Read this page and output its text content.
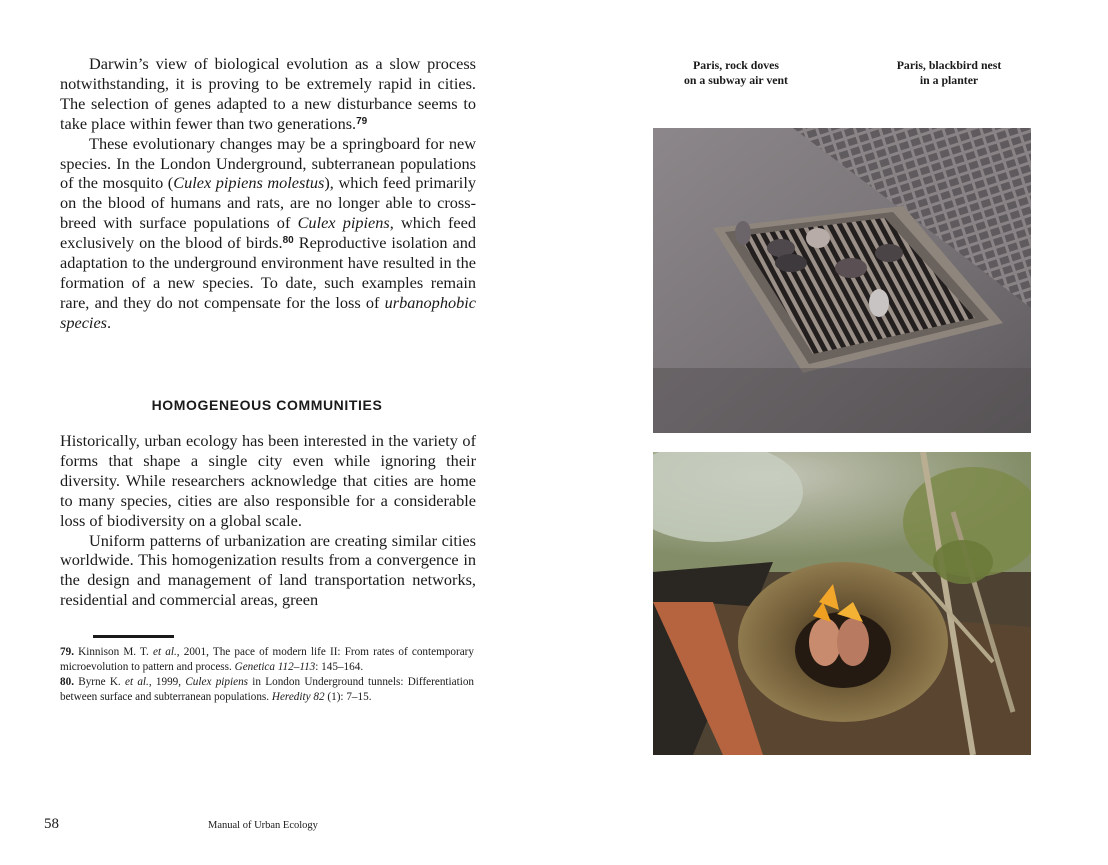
Darwin’s view of biological evolution as a slow process notwithstanding, it is proving to be extremely rapid in cities. The selection of genes adapted to a new disturbance seems to take place within fewer than two generations.$^{79}$

These evolutionary changes may be a springboard for new species. In the London Underground, subterranean populations of the mosquito (Culex pipiens molestus), which feed primarily on the blood of humans and rats, are no longer able to cross-breed with surface populations of Culex pipiens, which feed exclusively on the blood of birds.$^{80}$ Reproductive isolation and adaptation to the underground environment have resulted in the formation of a new species. To date, such examples remain rare, and they do not compensate for the loss of urbanophobic species.

HOMOGENEOUS COMMUNITIES

Historically, urban ecology has been interested in the variety of forms that shape a single city even while ignoring their diversity. While researchers acknowledge that cities are home to many species, cities are also responsible for a considerable loss of biodiversity on a global scale.

Uniform patterns of urbanization are creating similar cities worldwide. This homogenization results from a convergence in the design and management of land transportation networks, residential and commercial areas, green

79. Kinnison M. T. et al., 2001, The pace of modern life II: From rates of contemporary microevolution to pattern and process. Genetica 112–113: 145–164.

80. Byrne K. et al., 1999, Culex pipiens in London Underground tunnels: Differentiation between surface and subterranean populations. Heredity 82 (1): 7–15.

58	Manual of Urban Ecology
Paris, rock doves
on a subway air vent
Paris, blackbird nest
in a planter
